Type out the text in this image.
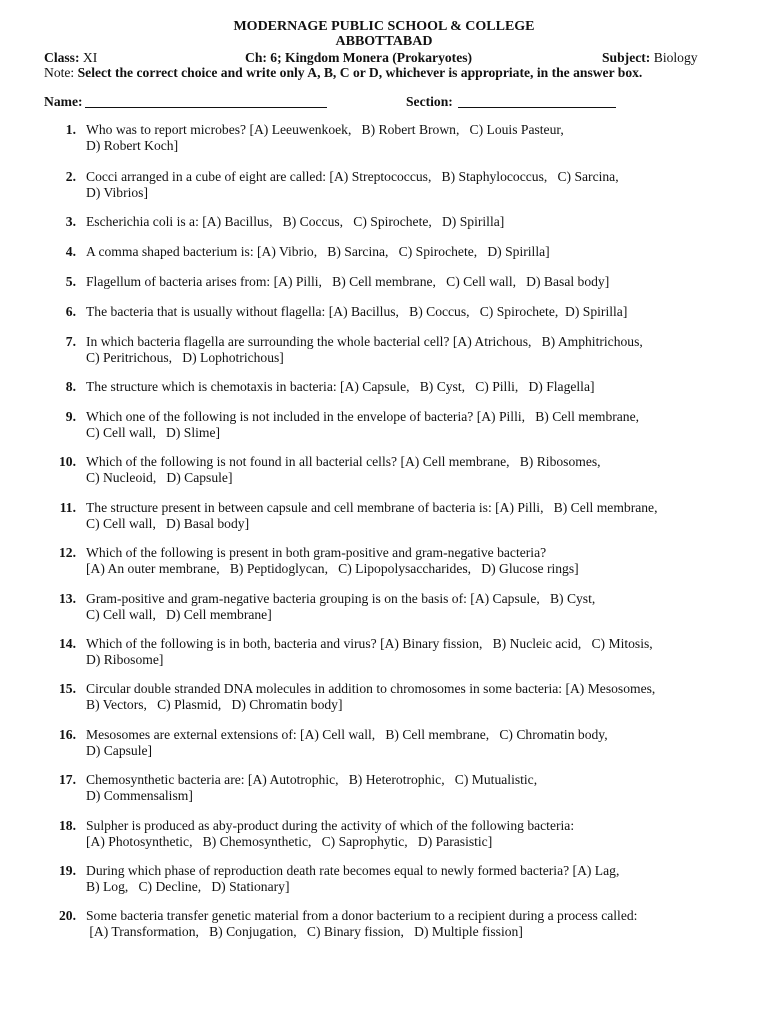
MODERNAGE PUBLIC SCHOOL & COLLEGE
ABBOTTABAD
Class: XI	Ch: 6; Kingdom Monera (Prokaryotes)	Subject: Biology
Note: Select the correct choice and write only A, B, C or D, whichever is appropriate, in the answer box.
Name:	Section:
1. Who was to report microbes? [A) Leeuwenkoek,   B) Robert Brown,   C) Louis Pasteur,
D) Robert Koch]
2. Cocci arranged in a cube of eight are called: [A) Streptococcus,   B) Staphylococcus,   C) Sarcina,
D) Vibrios]
3. Escherichia coli is a: [A) Bacillus,   B) Coccus,   C) Spirochete,   D) Spirilla]
4. A comma shaped bacterium is: [A) Vibrio,   B) Sarcina,   C) Spirochete,   D) Spirilla]
5. Flagellum of bacteria arises from: [A) Pilli,   B) Cell membrane,   C) Cell wall,   D) Basal body]
6. The bacteria that is usually without flagella: [A) Bacillus,   B) Coccus,   C) Spirochete,  D) Spirilla]
7. In which bacteria flagella are surrounding the whole bacterial cell? [A) Atrichous,   B) Amphitrichous,
C) Peritrichous,   D) Lophotrichous]
8. The structure which is chemotaxis in bacteria: [A) Capsule,   B) Cyst,   C) Pilli,   D) Flagella]
9. Which one of the following is not included in the envelope of bacteria? [A) Pilli,   B) Cell membrane,
C) Cell wall,   D) Slime]
10. Which of the following is not found in all bacterial cells? [A) Cell membrane,   B) Ribosomes,
C) Nucleoid,   D) Capsule]
11. The structure present in between capsule and cell membrane of bacteria is: [A) Pilli,   B) Cell membrane,
C) Cell wall,   D) Basal body]
12. Which of the following is present in both gram-positive and gram-negative bacteria?
[A) An outer membrane,   B) Peptidoglycan,   C) Lipopolysaccharides,   D) Glucose rings]
13. Gram-positive and gram-negative bacteria grouping is on the basis of: [A) Capsule,   B) Cyst,
C) Cell wall,   D) Cell membrane]
14. Which of the following is in both, bacteria and virus? [A) Binary fission,   B) Nucleic acid,   C) Mitosis,
D) Ribosome]
15. Circular double stranded DNA molecules in addition to chromosomes in some bacteria: [A) Mesosomes,
B) Vectors,   C) Plasmid,   D) Chromatin body]
16. Mesosomes are external extensions of: [A) Cell wall,   B) Cell membrane,   C) Chromatin body,
D) Capsule]
17. Chemosynthetic bacteria are: [A) Autotrophic,   B) Heterotrophic,   C) Mutualistic,
D) Commensalism]
18. Sulpher is produced as aby-product during the activity of which of the following bacteria:
[A) Photosynthetic,   B) Chemosynthetic,   C) Saprophytic,   D) Parasistic]
19. During which phase of reproduction death rate becomes equal to newly formed bacteria? [A) Lag,
B) Log,   C) Decline,   D) Stationary]
20. Some bacteria transfer genetic material from a donor bacterium to a recipient during a process called:
[A) Transformation,   B) Conjugation,   C) Binary fission,   D) Multiple fission]
